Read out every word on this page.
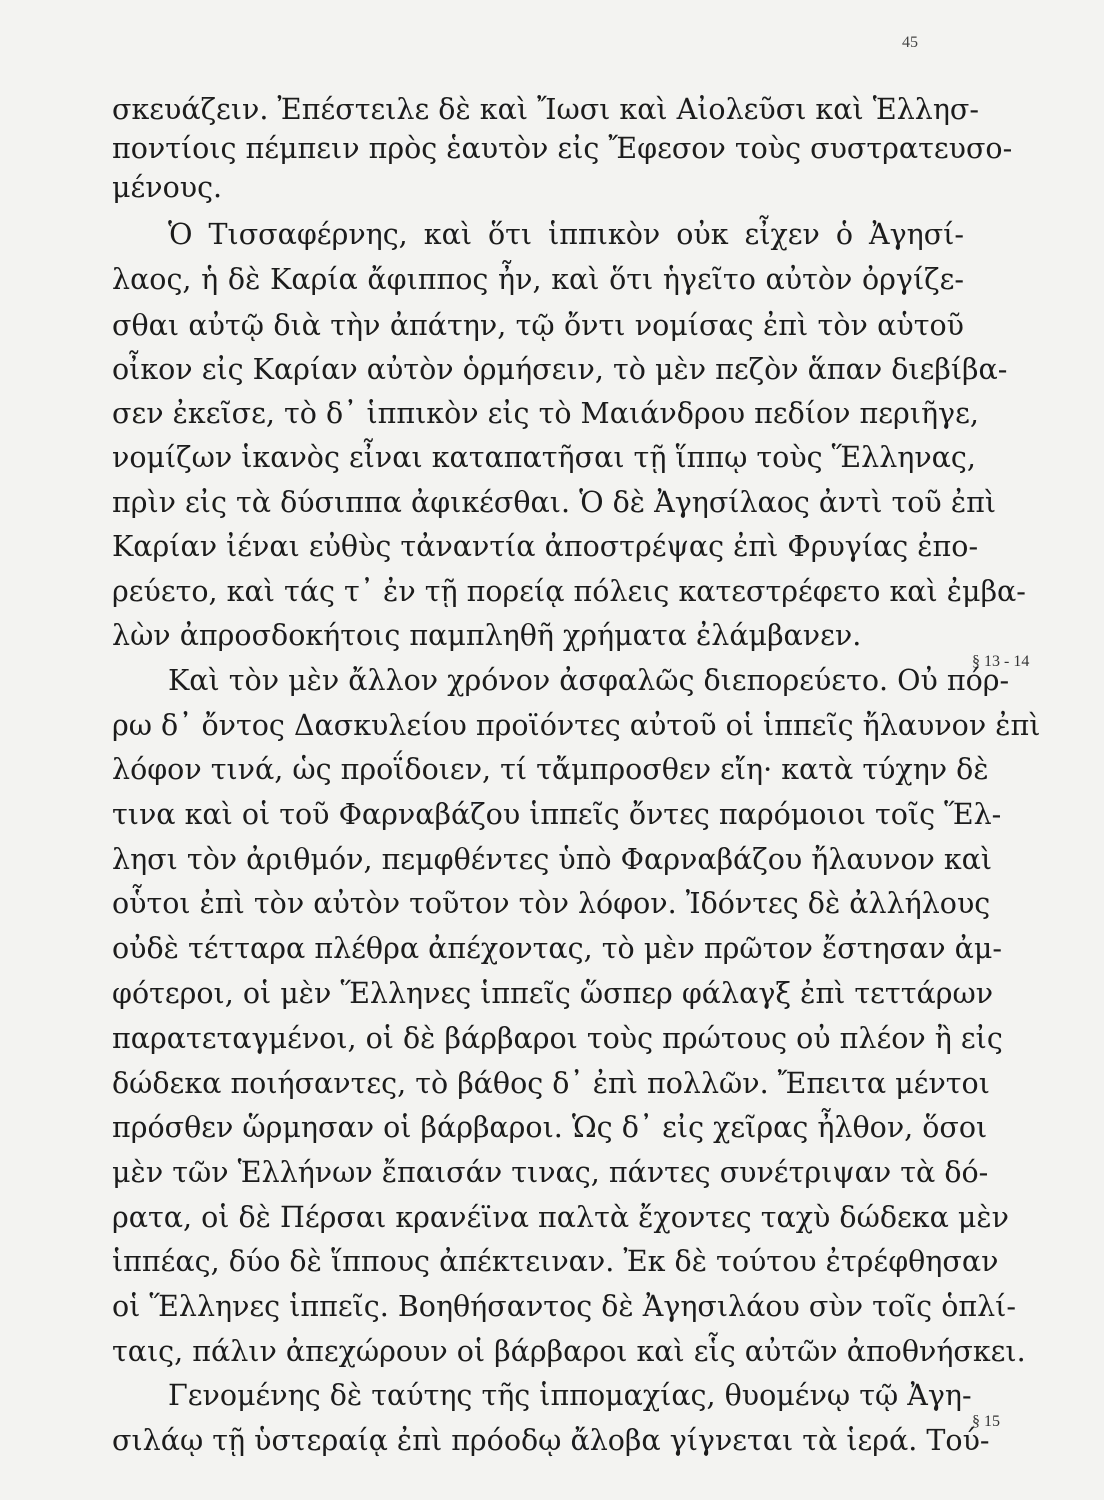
45
σκευάζειν. Ἐπέστειλε δὲ καὶ Ἴωσι καὶ Αἰολεῦσι καὶ Ἑλλησ-
ποντίοις πέμπειν πρὸς ἑαυτὸν εἰς Ἔφεσον τοὺς συστρατευσο-
μένους.
Ὁ Τισσαφέρνης, καὶ ὅτι ἱππικὸν οὐκ εἶχεν ὁ Ἀγησί-
λαος, ἡ δὲ Καρία ἄφιππος ἦν, καὶ ὅτι ἡγεῖτο αὐτὸν ὀργίζε-
σθαι αὐτῷ διὰ τὴν ἀπάτην, τῷ ὄντι νομίσας ἐπὶ τὸν αὑτοῦ
οἶκον εἰς Καρίαν αὐτὸν ὁρμήσειν, τὸ μὲν πεζὸν ἅπαν διεβίβα-
σεν ἐκεῖσε, τὸ δ᾽ ἱππικὸν εἰς τὸ Μαιάνδρου πεδίον περιῆγε,
νομίζων ἱκανὸς εἶναι καταπατῆσαι τῇ ἵππῳ τοὺς Ἕλληνας,
πρὶν εἰς τὰ δύσιππα ἀφικέσθαι. Ὁ δὲ Ἀγησίλαος ἀντὶ τοῦ ἐπὶ
Καρίαν ἰέναι εὐθὺς τἀναντία ἀποστρέψας ἐπὶ Φρυγίας ἐπο-
ρεύετο, καὶ τάς τ᾽ ἐν τῇ πορείᾳ πόλεις κατεστρέφετο καὶ ἐμβα-
λὼν ἀπροσδοκήτοις παμπληθῆ χρήματα ἐλάμβανεν.
Καὶ τὸν μὲν ἄλλον χρόνον ἀσφαλῶς διεπορεύετο. Οὐ πόρ-
ρω δ᾽ ὄντος Δασκυλείου προϊόντες αὐτοῦ οἱ ἱππεῖς ἤλαυνον ἐπὶ
λόφον τινά, ὡς προΐδοιεν, τί τἄμπροσθεν εἴη· κατὰ τύχην δὲ
τινα καὶ οἱ τοῦ Φαρναβάζου ἱππεῖς ὄντες παρόμοιοι τοῖς Ἕλ-
λησι τὸν ἀριθμόν, πεμφθέντες ὑπὸ Φαρναβάζου ἤλαυνον καὶ
οὗτοι ἐπὶ τὸν αὐτὸν τοῦτον τὸν λόφον. Ἰδόντες δὲ ἀλλήλους
οὐδὲ τέτταρα πλέθρα ἀπέχοντας, τὸ μὲν πρῶτον ἔστησαν ἀμ-
φότεροι, οἱ μὲν Ἕλληνες ἱππεῖς ὥσπερ φάλαγξ ἐπὶ τεττάρων
παρατεταγμένοι, οἱ δὲ βάρβαροι τοὺς πρώτους οὐ πλέον ἢ εἰς
δώδεκα ποιήσαντες, τὸ βάθος δ᾽ ἐπὶ πολλῶν. Ἔπειτα μέντοι
πρόσθεν ὥρμησαν οἱ βάρβαροι. Ὡς δ᾽ εἰς χεῖρας ἦλθον, ὅσοι
μὲν τῶν Ἑλλήνων ἔπαισάν τινας, πάντες συνέτριψαν τὰ δό-
ρατα, οἱ δὲ Πέρσαι κρανέϊνα παλτὰ ἔχοντες ταχὺ δώδεκα μὲν
ἱππέας, δύο δὲ ἵππους ἀπέκτειναν. Ἐκ δὲ τούτου ἐτρέφθησαν
οἱ Ἕλληνες ἱππεῖς. Βοηθήσαντος δὲ Ἀγησιλάου σὺν τοῖς ὁπλί-
ταις, πάλιν ἀπεχώρουν οἱ βάρβαροι καὶ εἷς αὐτῶν ἀποθνήσκει.
Γενομένης δὲ ταύτης τῆς ἱππομαχίας, θυομένῳ τῷ Ἀγη-
σιλάῳ τῇ ὑστεραίᾳ ἐπὶ πρόοδῳ ἄλοβα γίγνεται τὰ ἱερά. Τού-
§ 13 - 14
§ 15
